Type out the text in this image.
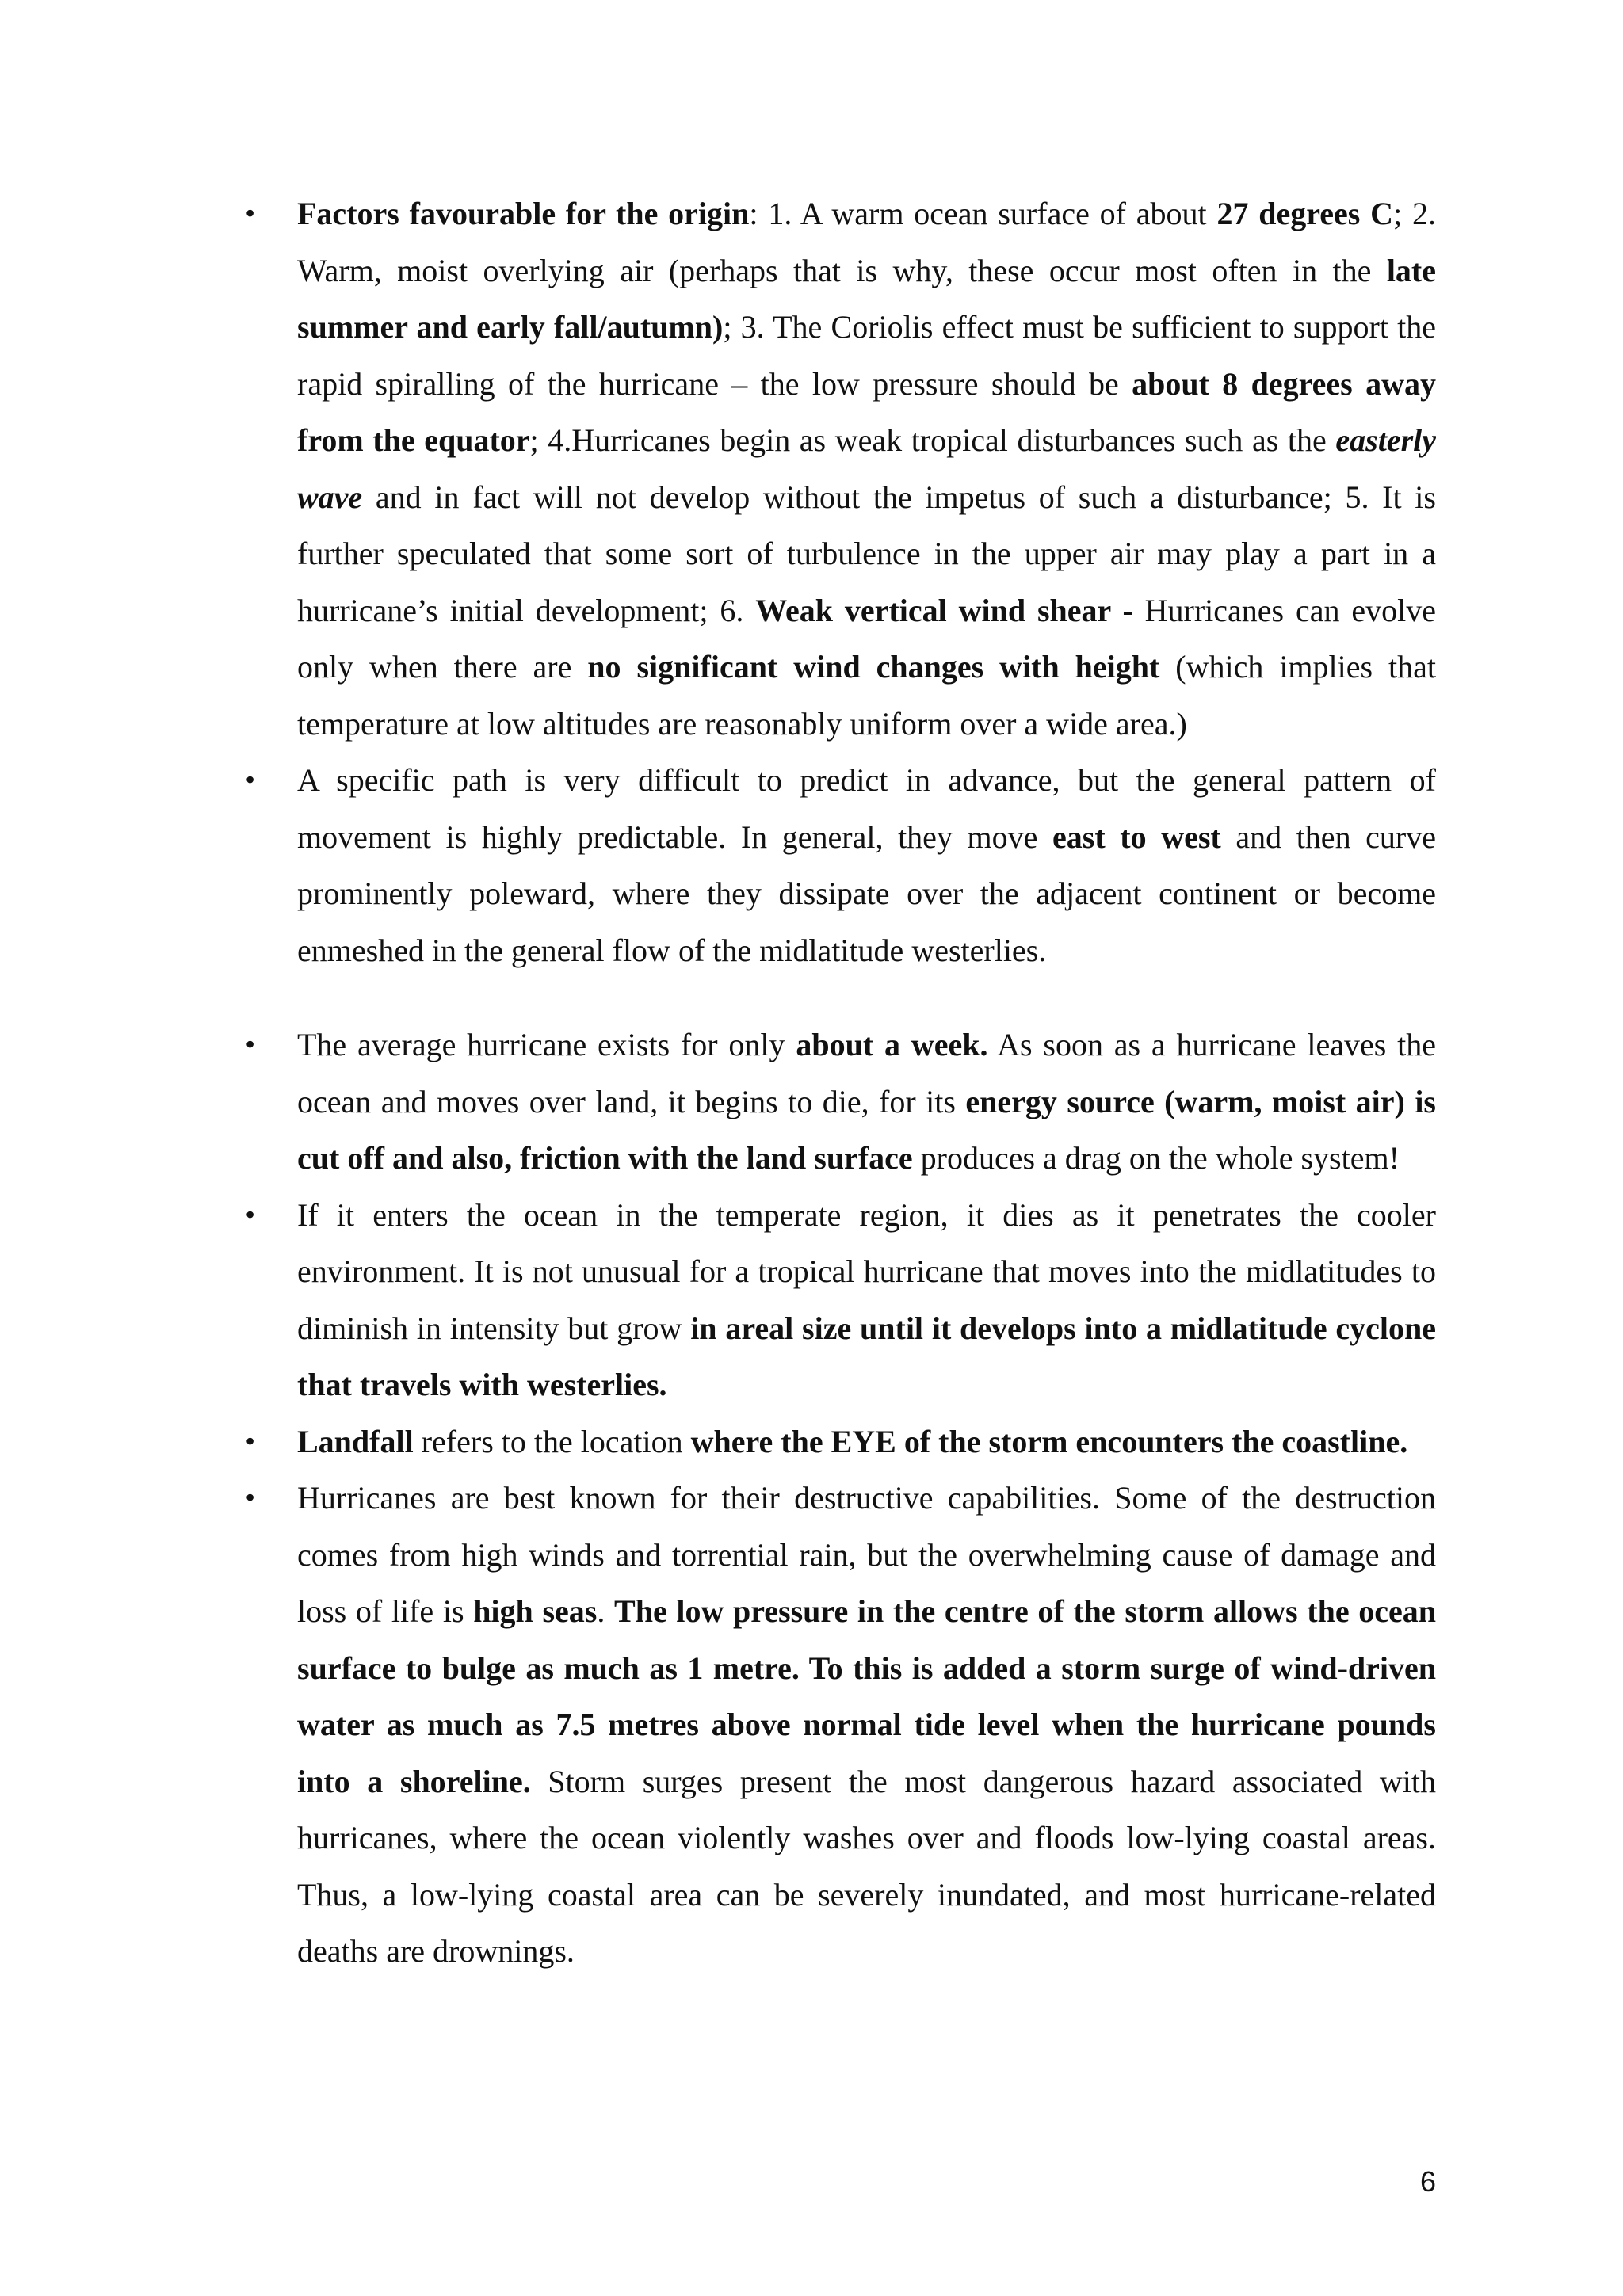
• Factors favourable for the origin: 1. A warm ocean surface of about 27 degrees C; 2. Warm, moist overlying air (perhaps that is why, these occur most often in the late summer and early fall/autumn); 3. The Coriolis effect must be sufficient to support the rapid spiralling of the hurricane – the low pressure should be about 8 degrees away from the equator; 4.Hurricanes begin as weak tropical disturbances such as the easterly wave and in fact will not develop without the impetus of such a disturbance; 5. It is further speculated that some sort of turbulence in the upper air may play a part in a hurricane’s initial development; 6. Weak vertical wind shear - Hurricanes can evolve only when there are no significant wind changes with height (which implies that temperature at low altitudes are reasonably uniform over a wide area.)
• A specific path is very difficult to predict in advance, but the general pattern of movement is highly predictable. In general, they move east to west and then curve prominently poleward, where they dissipate over the adjacent continent or become enmeshed in the general flow of the midlatitude westerlies.
• The average hurricane exists for only about a week. As soon as a hurricane leaves the ocean and moves over land, it begins to die, for its energy source (warm, moist air) is cut off and also, friction with the land surface produces a drag on the whole system!
• If it enters the ocean in the temperate region, it dies as it penetrates the cooler environment. It is not unusual for a tropical hurricane that moves into the midlatitudes to diminish in intensity but grow in areal size until it develops into a midlatitude cyclone that travels with westerlies.
• Landfall refers to the location where the EYE of the storm encounters the coastline.
• Hurricanes are best known for their destructive capabilities. Some of the destruction comes from high winds and torrential rain, but the overwhelming cause of damage and loss of life is high seas. The low pressure in the centre of the storm allows the ocean surface to bulge as much as 1 metre. To this is added a storm surge of wind-driven water as much as 7.5 metres above normal tide level when the hurricane pounds into a shoreline. Storm surges present the most dangerous hazard associated with hurricanes, where the ocean violently washes over and floods low-lying coastal areas. Thus, a low-lying coastal area can be severely inundated, and most hurricane-related deaths are drownings.
6
